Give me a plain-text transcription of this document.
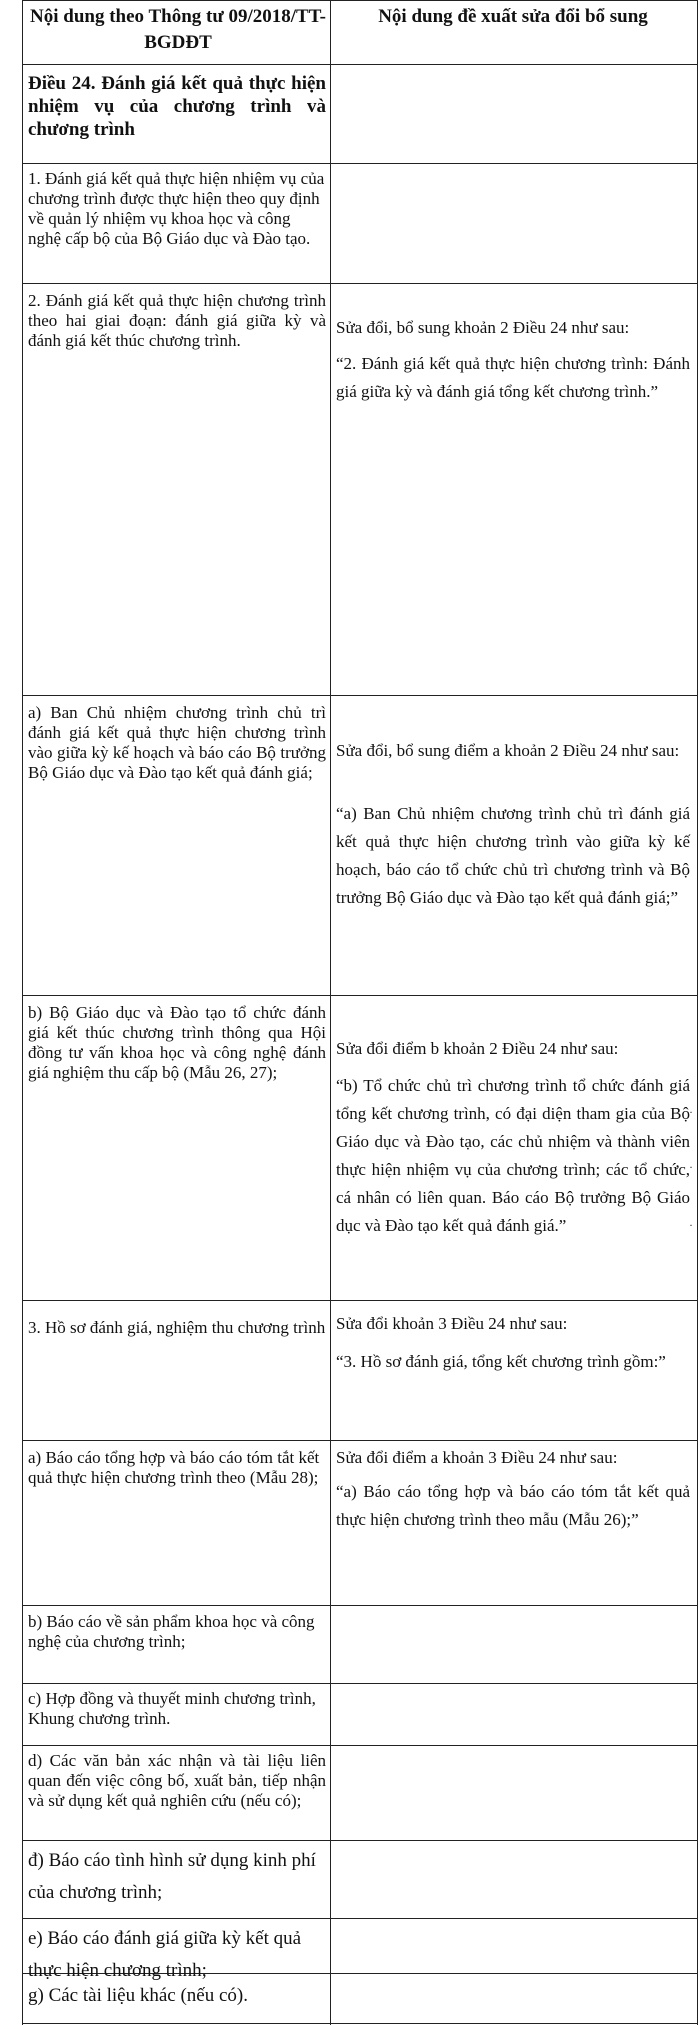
Nội dung theo Thông tư 09/2018/TT-BGDĐT
Nội dung đề xuất sửa đổi bổ sung

Điều 24. Đánh giá kết quả thực hiện nhiệm vụ của chương trình và chương trình

1. Đánh giá kết quả thực hiện nhiệm vụ của chương trình được thực hiện theo quy định về quản lý nhiệm vụ khoa học và công nghệ cấp bộ của Bộ Giáo dục và Đào tạo.

2. Đánh giá kết quả thực hiện chương trình theo hai giai đoạn: đánh giá giữa kỳ và đánh giá kết thúc chương trình.

Sửa đổi, bổ sung khoản 2 Điều 24 như sau:

“2. Đánh giá kết quả thực hiện chương trình: Đánh giá giữa kỳ và đánh giá tổng kết chương trình.”

a) Ban Chủ nhiệm chương trình chủ trì đánh giá kết quả thực hiện chương trình vào giữa kỳ kế hoạch và báo cáo Bộ trưởng Bộ Giáo dục và Đào tạo kết quả đánh giá;

Sửa đổi, bổ sung điểm a khoản 2 Điều 24 như sau:

“a) Ban Chủ nhiệm chương trình chủ trì đánh giá kết quả thực hiện chương trình vào giữa kỳ kế hoạch, báo cáo tổ chức chủ trì chương trình và Bộ trưởng Bộ Giáo dục và Đào tạo kết quả đánh giá;”

b) Bộ Giáo dục và Đào tạo tổ chức đánh giá kết thúc chương trình thông qua Hội đồng tư vấn khoa học và công nghệ đánh giá nghiệm thu cấp bộ (Mẫu 26, 27);

Sửa đổi điểm b khoản 2 Điều 24 như sau:

“b) Tổ chức chủ trì chương trình tổ chức đánh giá tổng kết chương trình, có đại diện tham gia của Bộ Giáo dục và Đào tạo, các chủ nhiệm và thành viên thực hiện nhiệm vụ của chương trình; các tổ chức, cá nhân có liên quan. Báo cáo Bộ trưởng Bộ Giáo dục và Đào tạo kết quả đánh giá.”

3. Hồ sơ đánh giá, nghiệm thu chương trình Sửa đổi khoản 3 Điều 24 như sau:

“3. Hồ sơ đánh giá, tổng kết chương trình gồm:”

a) Báo cáo tổng hợp và báo cáo tóm tắt kết quả thực hiện chương trình theo (Mẫu 28);

Sửa đổi điểm a khoản 3 Điều 24 như sau:

“a) Báo cáo tổng hợp và báo cáo tóm tắt kết quả thực hiện chương trình theo mẫu (Mẫu 26);”

b) Báo cáo về sản phẩm khoa học và công nghệ của chương trình;

c) Hợp đồng và thuyết minh chương trình, Khung chương trình.

d) Các văn bản xác nhận và tài liệu liên quan đến việc công bố, xuất bản, tiếp nhận và sử dụng kết quả nghiên cứu (nếu có);

đ) Báo cáo tình hình sử dụng kinh phí của chương trình;

e) Báo cáo đánh giá giữa kỳ kết quả thực hiện chương trình;

g) Các tài liệu khác (nếu có).

·
·
·
